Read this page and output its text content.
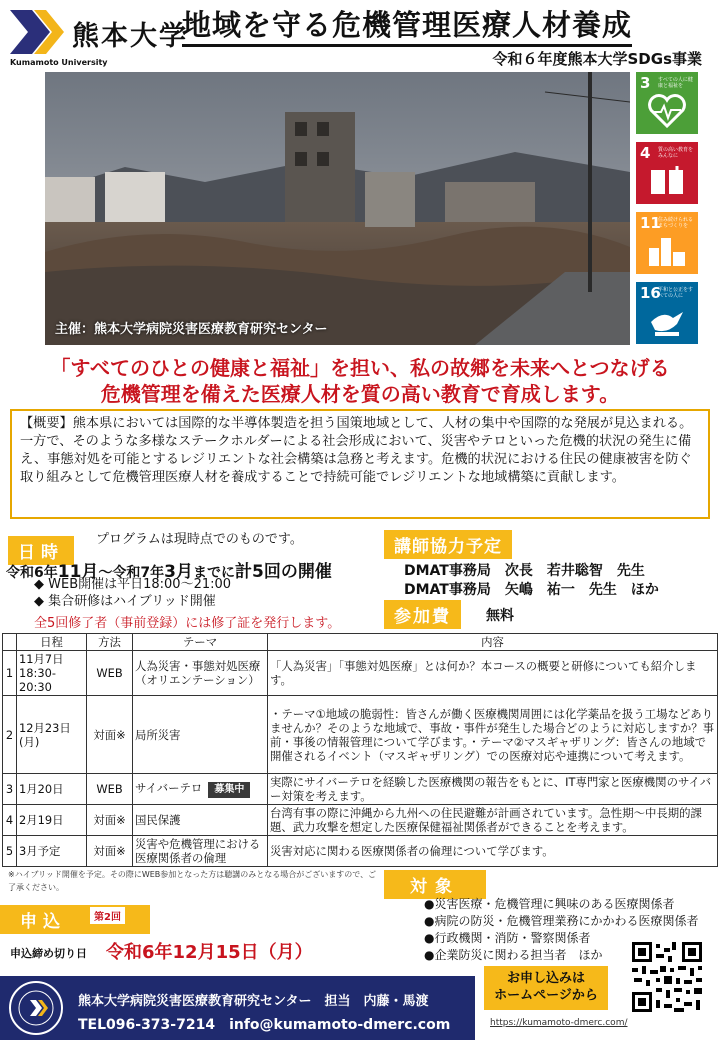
熊本大学
Kumamoto University
地域を守る危機管理医療人材養成
令和６年度熊本大学SDGs事業
主催：熊本大学病院災害医療教育研究センター
3 すべての人に健康と福祉を
4 質の高い教育をみんなに
11
住み続けられるまちづくりを
16
平和と公正をすべての人に
「すべてのひとの健康と福祉」を担い、私の故郷を未来へとつなげる
危機管理を備えた医療人材を質の高い教育で育成します。
【概要】熊本県においては国際的な半導体製造を担う国策地域として、人材の集中や国際的な発展が見込まれる。一方で、そのような多様なステークホルダーによる社会形成において、災害やテロといった危機的状況の発生に備え、事態対処を可能とするレジリエントな社会構築は急務と考えます。危機的状況における住民の健康被害を防ぐ取り組みとして危機管理医療人材を養成することで持続可能でレジリエントな地域構築に貢献します。
日時
プログラムは現時点でのものです。
令和6年11月～令和7年3月までに計5回の開催
◆ WEB開催は平日18:00～21:00
◆ 集合研修はハイブリッド開催
全5回修了者（事前登録）には修了証を発行します。
講師協力予定
DMAT事務局　次長　若井聡智　先生
DMAT事務局　矢嶋　祐一　先生　ほか
参加費	無料
	日程	方法	テーマ	内容
1	11月7日 18:30-20:30	WEB	人為災害・事態対処医療（オリエンテーション）	「人為災害」「事態対処医療」とは何か？本コースの概要と研修についても紹介します。
2	12月23日(月)	対面※	局所災害	・テーマ①地域の脆弱性：皆さんが働く医療機関周囲には化学薬品を扱う工場などありませんか？そのような地域で、事故・事件が発生した場合どのように対応しますか？事前・事後の情報管理について学びます。・テーマ②マスギャザリング：皆さんの地域で開催されるイベント（マスギャザリング）での医療対応や連携について考えます。
3	1月20日	WEB	サイバーテロ 募集中	実際にサイバーテロを経験した医療機関の報告をもとに、IT専門家と医療機関のサイバー対策を考えます。
4	2月19日	対面※	国民保護	台湾有事の際に沖縄から九州への住民避難が計画されています。急性期～中長期的課題、武力攻撃を想定した医療保健福祉関係者ができることを考えます。
5	3月予定	対面※	災害や危機管理における医療関係者の倫理	災害対応に関わる医療関係者の倫理について学びます。
※ハイブリッド開催を予定。その際にWEB参加となった方は聴講のみとなる場合がございますので、ご了承ください。	対象
●災害医療・危機管理に興味のある医療関係者
●病院の防災・危機管理業務にかかわる医療関係者
●行政機関・消防・警察関係者
●企業防災に関わる担当者　ほか
申込	第2回
申込締め切り日 令和6年12月15日（月）
お申し込みは
ホームページから
https://kumamoto-dmerc.com/
熊本大学病院災害医療教育研究センター　担当　内藤・馬渡
TEL096-373-7214　info@kumamoto-dmerc.com
